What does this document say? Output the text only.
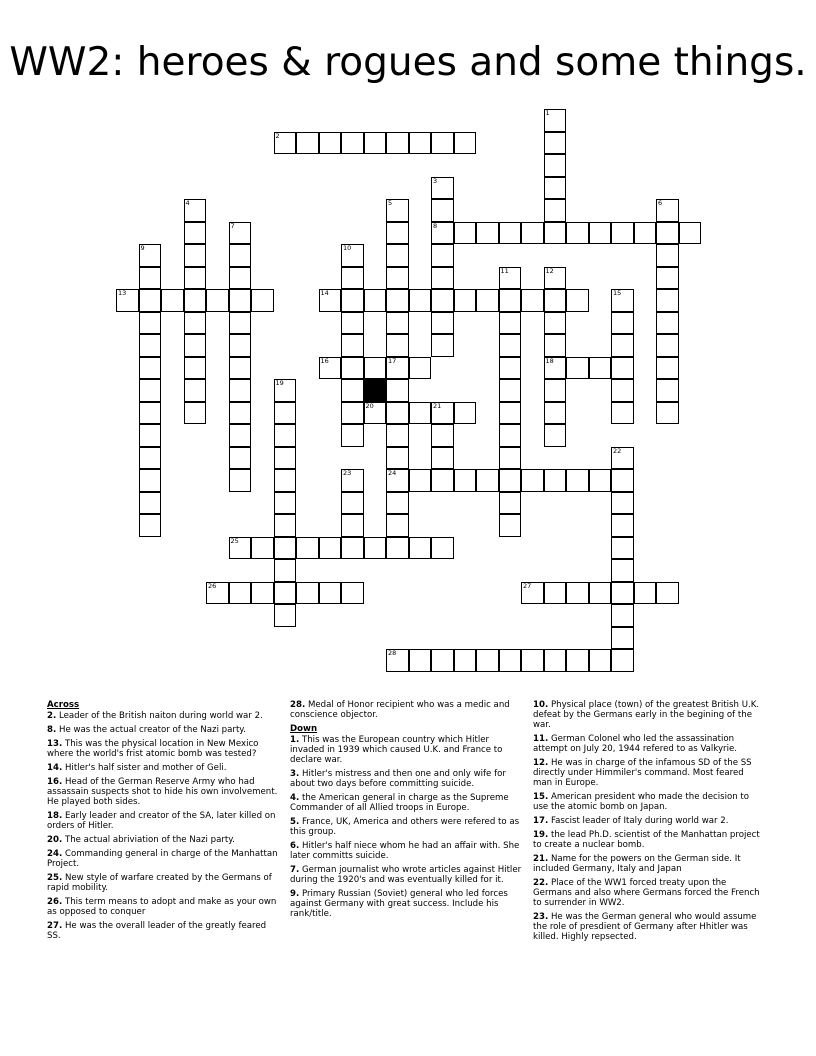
WW2: heroes & rogues and some things.
1
2
3
8
4	5
17
24
6
7
9	10
11	12
18
13	14	15
16
19
20	21
22
23
25
26	27
28
Across
2. Leader of the British naiton during world war 2.
8. He was the actual creator of the Nazi party.
13. This was the physical location in New Mexico where the world's frist atomic bomb was tested?
14. Hitler's half sister and mother of Geli.
16. Head of the German Reserve Army who had assassain suspects shot to hide his own involvement. He played both sides.
18. Early leader and creator of the SA, later killed on orders of Hitler.
20. The actual abriviation of the Nazi party.
24. Commanding general in charge of the Manhattan Project.
25. New style of warfare created by the Germans of rapid mobility.
26. This term means to adopt and make as your own as opposed to conquer
27. He was the overall leader of the greatly feared SS.
28. Medal of Honor recipient who was a medic and conscience objector.
Down
1. This was the European country which Hitler invaded in 1939 which caused U.K. and France to declare war.
3. Hitler's mistress and then one and only wife for about two days before committing suicide.
4. the American general in charge as the Supreme Commander of all Allied troops in Europe.
5. France, UK, America and others were refered to as this group.
6. Hitler's half niece whom he had an affair with. She later committs suicide.
7. German journalist who wrote articles against Hitler during the 1920's and was eventually killed for it.
9. Primary Russian (Soviet) general who led forces against Germany with great success. Include his rank/title.
10. Physical place (town) of the greatest British U.K. defeat by the Germans early in the begining of the war.
11. German Colonel who led the assassination attempt on July 20, 1944 refered to as Valkyrie.
12. He was in charge of the infamous SD of the SS directly under Himmiler's command. Most feared man in Europe.
15. American president who made the decision to use the atomic bomb on Japan.
17. Fascist leader of Italy during world war 2.
19. the lead Ph.D. scientist of the Manhattan project to create a nuclear bomb.
21. Name for the powers on the German side. It included Germany, Italy and Japan
22. Place of the WW1 forced treaty upon the Germans and also where Germans forced the French to surrender in WW2.
23. He was the German general who would assume the role of presdient of Germany after Hhitler was killed. Highly repsected.
